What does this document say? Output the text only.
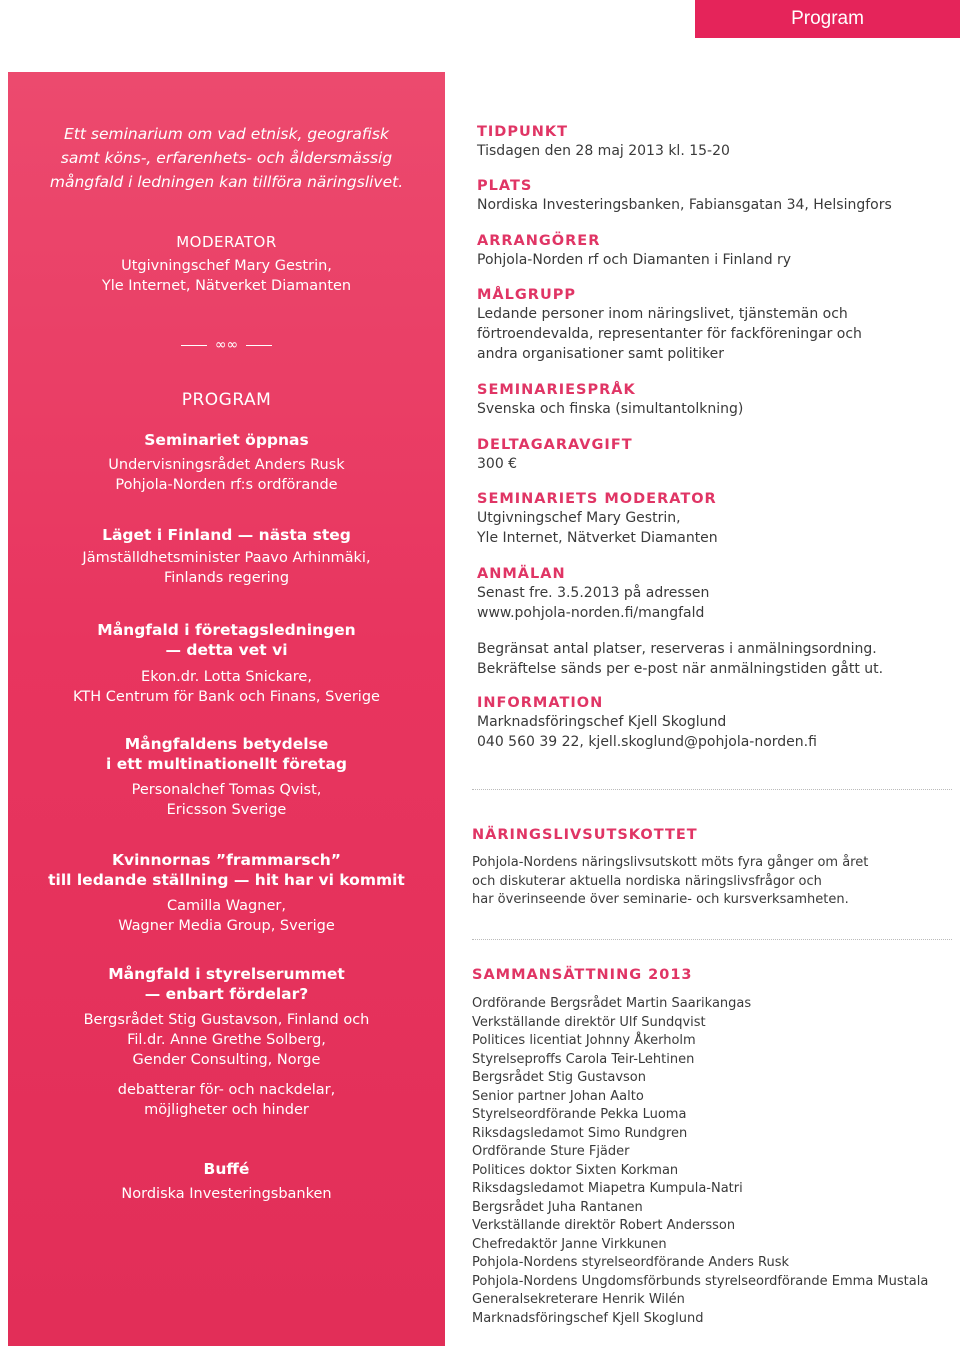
Program
Ett seminarium om vad etnisk, geografisk
samt köns-, erfarenhets- och åldersmässig
mångfald i ledningen kan tillföra näringslivet.
MODERATOR
Utgivningschef Mary Gestrin,
Yle Internet, Nätverket Diamanten
∞∞
PROGRAM
Seminariet öppnas
Undervisningsrådet Anders Rusk
Pohjola-Norden rf:s ordförande
Läget i Finland — nästa steg
Jämställdhetsminister Paavo Arhinmäki,
Finlands regering
Mångfald i företagsledningen
— detta vet vi
Ekon.dr. Lotta Snickare,
KTH Centrum för Bank och Finans, Sverige
Mångfaldens betydelse
i ett multinationellt företag
Personalchef Tomas Qvist,
Ericsson Sverige
Kvinnornas ”frammarsch”
till ledande ställning — hit har vi kommit
Camilla Wagner,
Wagner Media Group, Sverige
Mångfald i styrelserummet
— enbart fördelar?
Bergsrådet Stig Gustavson, Finland och
Fil.dr. Anne Grethe Solberg,
Gender Consulting, Norge
debatterar för- och nackdelar,
möjligheter och hinder
Buffé
Nordiska Investeringsbanken
TIDPUNKT
Tisdagen den 28 maj 2013 kl. 15-20
PLATS
Nordiska Investeringsbanken, Fabiansgatan 34, Helsingfors
ARRANGÖRER
Pohjola-Norden rf och Diamanten i Finland ry
MÅLGRUPP
Ledande personer inom näringslivet, tjänstemän och
förtroendevalda, representanter för fackföreningar och
andra organisationer samt politiker
SEMINARIESPRÅK
Svenska och finska (simultantolkning)
DELTAGARAVGIFT
300 €
SEMINARIETS MODERATOR
Utgivningschef Mary Gestrin,
Yle Internet, Nätverket Diamanten
ANMÄLAN
Senast fre. 3.5.2013 på adressen
www.pohjola-norden.fi/mangfald
Begränsat antal platser, reserveras i anmälningsordning.
Bekräftelse sänds per e-post när anmälningstiden gått ut.
INFORMATION
Marknadsföringschef Kjell Skoglund
040 560 39 22, kjell.skoglund@pohjola-norden.fi
NÄRINGSLIVSUTSKOTTET
Pohjola-Nordens näringslivsutskott möts fyra gånger om året
och diskuterar aktuella nordiska näringslivsfrågor och
har överinseende över seminarie- och kursverksamheten.
SAMMANSÄTTNING 2013
Ordförande Bergsrådet Martin Saarikangas
Verkställande direktör Ulf Sundqvist
Politices licentiat Johnny Åkerholm
Styrelseproffs Carola Teir-Lehtinen
Bergsrådet Stig Gustavson
Senior partner Johan Aalto
Styrelseordförande Pekka Luoma
Riksdagsledamot Simo Rundgren
Ordförande Sture Fjäder
Politices doktor Sixten Korkman
Riksdagsledamot Miapetra Kumpula-Natri
Bergsrådet Juha Rantanen
Verkställande direktör Robert Andersson
Chefredaktör Janne Virkkunen
Pohjola-Nordens styrelseordförande Anders Rusk
Pohjola-Nordens Ungdomsförbunds styrelseordförande Emma Mustala
Generalsekreterare Henrik Wilén
Marknadsföringschef Kjell Skoglund
